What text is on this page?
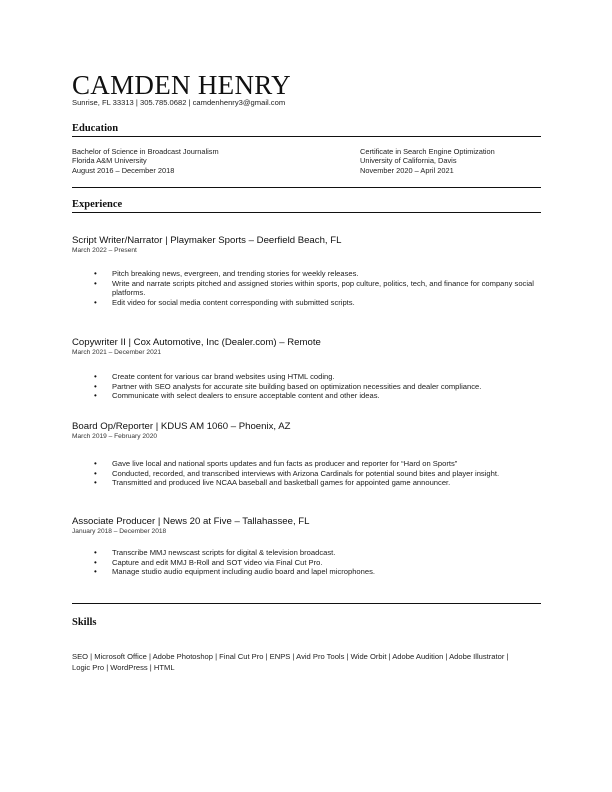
CAMDEN HENRY
Sunrise, FL 33313 | 305.785.0682 | camdenhenry3@gmail.com
Education
Bachelor of Science in Broadcast Journalism
Florida A&M University
August 2016 – December 2018
Certificate in Search Engine Optimization
University of California, Davis
November 2020 – April 2021
Experience
Script Writer/Narrator | Playmaker Sports – Deerfield Beach, FL
March 2022 – Present
• Pitch breaking news, evergreen, and trending stories for weekly releases.
• Write and narrate scripts pitched and assigned stories within sports, pop culture, politics, tech, and finance for company social platforms.
• Edit video for social media content corresponding with submitted scripts.
Copywriter II | Cox Automotive, Inc (Dealer.com) – Remote
March 2021 – December 2021
• Create content for various car brand websites using HTML coding.
• Partner with SEO analysts for accurate site building based on optimization necessities and dealer compliance.
• Communicate with select dealers to ensure acceptable content and other ideas.
Board Op/Reporter | KDUS AM 1060 – Phoenix, AZ
March 2019 – February 2020
• Gave live local and national sports updates and fun facts as producer and reporter for “Hard on Sports”
• Conducted, recorded, and transcribed interviews with Arizona Cardinals for potential sound bites and player insight.
• Transmitted and produced live NCAA baseball and basketball games for appointed game announcer.
Associate Producer | News 20 at Five – Tallahassee, FL
January 2018 – December 2018
• Transcribe MMJ newscast scripts for digital & television broadcast.
• Capture and edit MMJ B-Roll and SOT video via Final Cut Pro.
• Manage studio audio equipment including audio board and lapel microphones.
Skills
SEO | Microsoft Office | Adobe Photoshop | Final Cut Pro | ENPS | Avid Pro Tools | Wide Orbit | Adobe Audition | Adobe Illustrator | Logic Pro | WordPress | HTML
